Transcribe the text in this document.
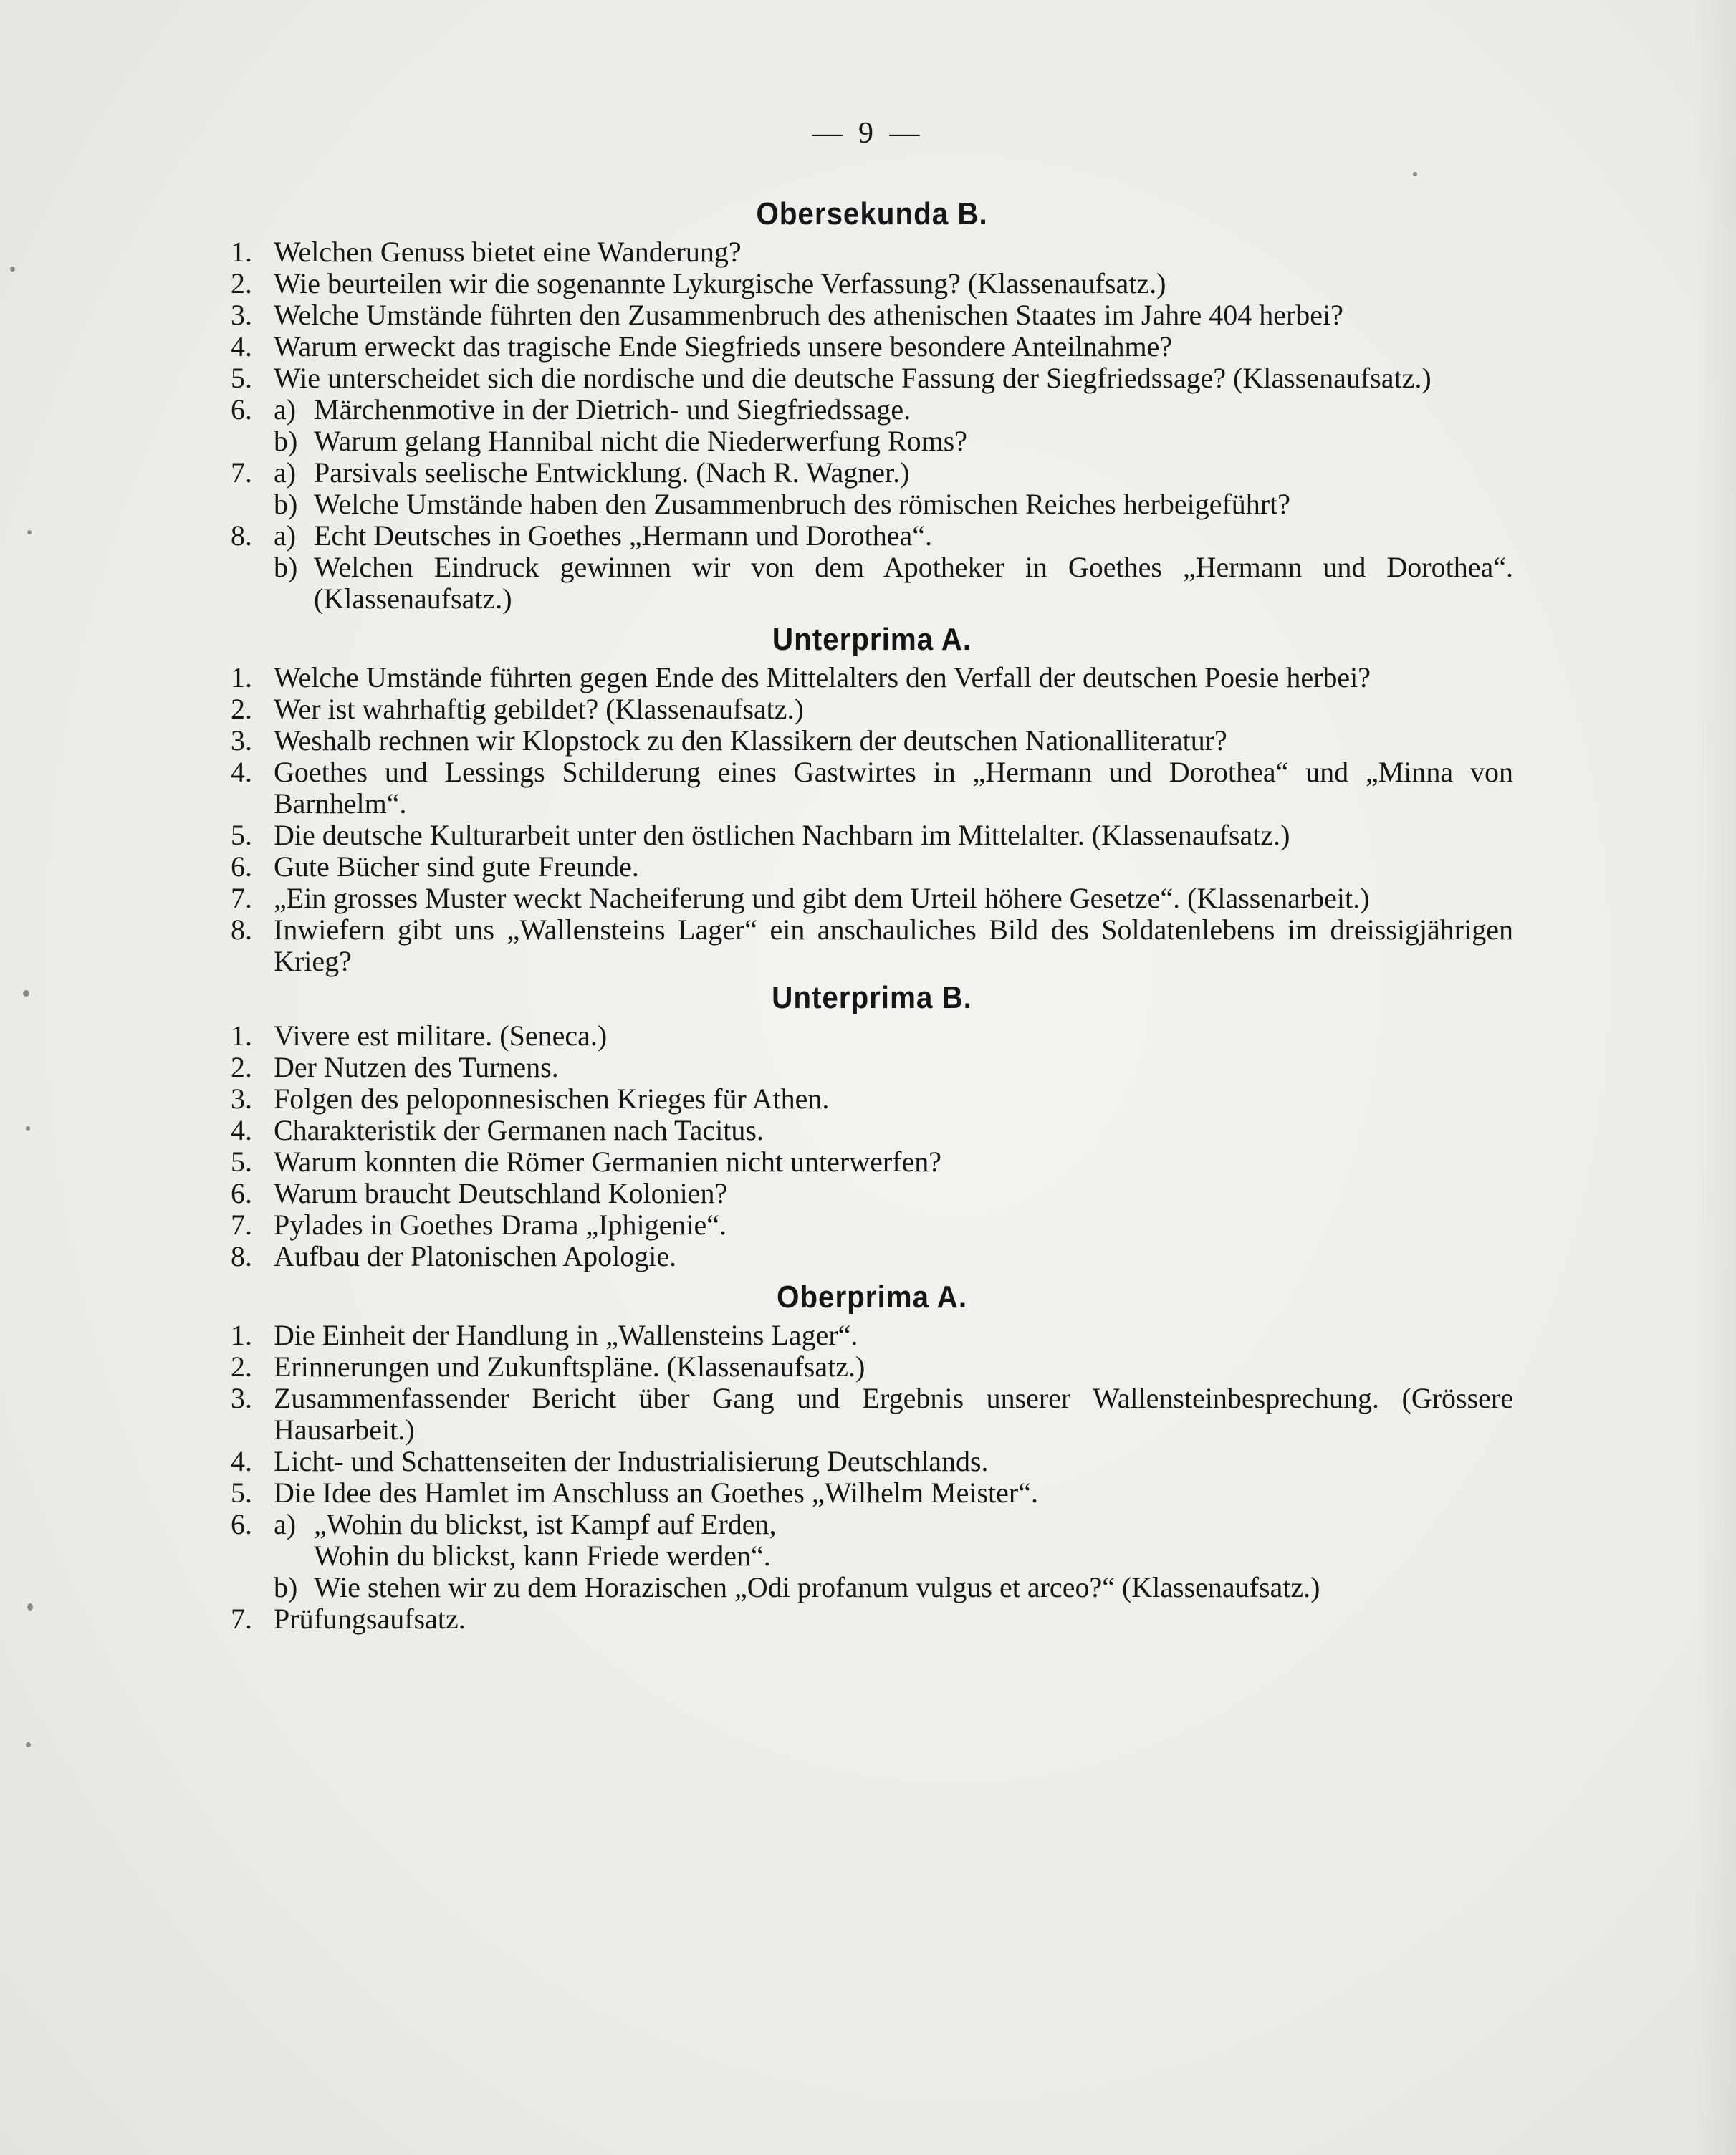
— 9 —
Obersekunda B.
1. Welchen Genuss bietet eine Wanderung?
2. Wie beurteilen wir die sogenannte Lykurgische Verfassung? (Klassenaufsatz.)
3. Welche Umstände führten den Zusammenbruch des athenischen Staates im Jahre 404 herbei?
4. Warum erweckt das tragische Ende Siegfrieds unsere besondere Anteilnahme?
5. Wie unterscheidet sich die nordische und die deutsche Fassung der Siegfriedssage? (Klassenaufsatz.)
6. a) Märchenmotive in der Dietrich- und Siegfriedssage.
b) Warum gelang Hannibal nicht die Niederwerfung Roms?
7. a) Parsivals seelische Entwicklung. (Nach R. Wagner.)
b) Welche Umstände haben den Zusammenbruch des römischen Reiches herbeigeführt?
8. a) Echt Deutsches in Goethes „Hermann und Dorothea“.
b) Welchen Eindruck gewinnen wir von dem Apotheker in Goethes „Hermann und Dorothea“. (Klassenaufsatz.)
Unterprima A.
1. Welche Umstände führten gegen Ende des Mittelalters den Verfall der deutschen Poesie herbei?
2. Wer ist wahrhaftig gebildet? (Klassenaufsatz.)
3. Weshalb rechnen wir Klopstock zu den Klassikern der deutschen Nationalliteratur?
4. Goethes und Lessings Schilderung eines Gastwirtes in „Hermann und Dorothea“ und „Minna von Barnhelm“.
5. Die deutsche Kulturarbeit unter den östlichen Nachbarn im Mittelalter. (Klassenaufsatz.)
6. Gute Bücher sind gute Freunde.
7. „Ein grosses Muster weckt Nacheiferung und gibt dem Urteil höhere Gesetze“. (Klassenarbeit.)
8. Inwiefern gibt uns „Wallensteins Lager“ ein anschauliches Bild des Soldatenlebens im dreissigjährigen Krieg?
Unterprima B.
1. Vivere est militare. (Seneca.)
2. Der Nutzen des Turnens.
3. Folgen des peloponnesischen Krieges für Athen.
4. Charakteristik der Germanen nach Tacitus.
5. Warum konnten die Römer Germanien nicht unterwerfen?
6. Warum braucht Deutschland Kolonien?
7. Pylades in Goethes Drama „Iphigenie“.
8. Aufbau der Platonischen Apologie.
Oberprima A.
1. Die Einheit der Handlung in „Wallensteins Lager“.
2. Erinnerungen und Zukunftspläne. (Klassenaufsatz.)
3. Zusammenfassender Bericht über Gang und Ergebnis unserer Wallensteinbesprechung. (Grössere Hausarbeit.)
4. Licht- und Schattenseiten der Industrialisierung Deutschlands.
5. Die Idee des Hamlet im Anschluss an Goethes „Wilhelm Meister“.
6. a) „Wohin du blickst, ist Kampf auf Erden,
Wohin du blickst, kann Friede werden“.
b) Wie stehen wir zu dem Horazischen „Odi profanum vulgus et arceo?“ (Klassenaufsatz.)
7. Prüfungsaufsatz.
